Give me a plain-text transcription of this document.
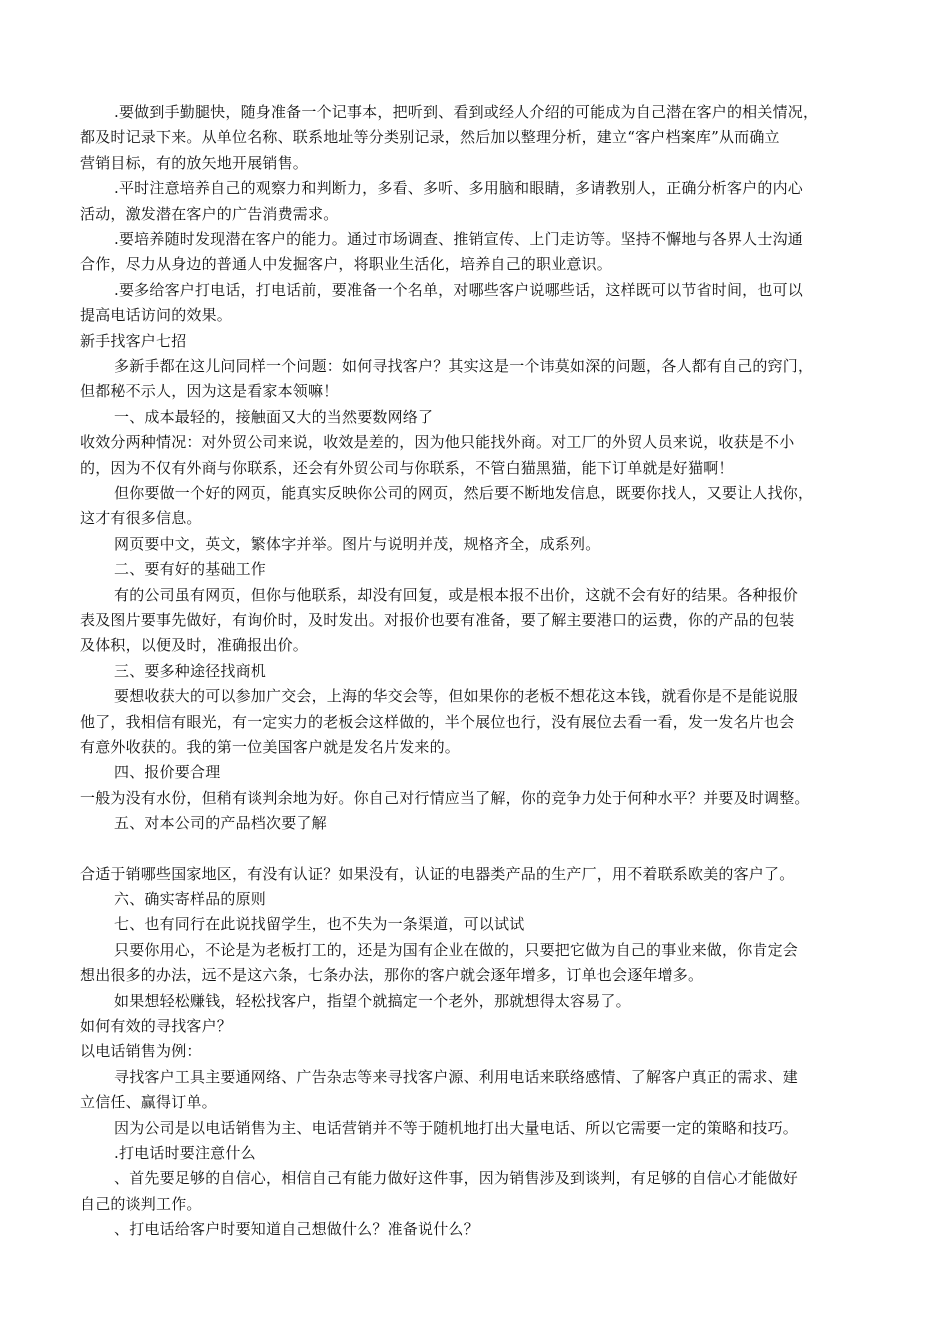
.要做到手勤腿快，随身准备一个记事本，把听到、看到或经人介绍的可能成为自己潜在客户的相关情况，
都及时记录下来。从单位名称、联系地址等分类别记录，然后加以整理分析，建立“客户档案库”从而确立
营销目标，有的放矢地开展销售。
.平时注意培养自己的观察力和判断力，多看、多听、多用脑和眼睛，多请教别人，正确分析客户的内心
活动，激发潜在客户的广告消费需求。
.要培养随时发现潜在客户的能力。通过市场调查、推销宣传、上门走访等。坚持不懈地与各界人士沟通
合作，尽力从身边的普通人中发掘客户，将职业生活化，培养自己的职业意识。
.要多给客户打电话，打电话前，要准备一个名单，对哪些客户说哪些话，这样既可以节省时间，也可以
提高电话访问的效果。
新手找客户七招
多新手都在这儿问同样一个问题：如何寻找客户？其实这是一个讳莫如深的问题，各人都有自己的窍门，
但都秘不示人，因为这是看家本领嘛！
一、成本最轻的，接触面又大的当然要数网络了
收效分两种情况：对外贸公司来说，收效是差的，因为他只能找外商。对工厂的外贸人员来说，收获是不小
的，因为不仅有外商与你联系，还会有外贸公司与你联系，不管白猫黑猫，能下订单就是好猫啊！
但你要做一个好的网页，能真实反映你公司的网页，然后要不断地发信息，既要你找人，又要让人找你，
这才有很多信息。
网页要中文，英文，繁体字并举。图片与说明并茂，规格齐全，成系列。
二、要有好的基础工作
有的公司虽有网页，但你与他联系，却没有回复，或是根本报不出价，这就不会有好的结果。各种报价
表及图片要事先做好，有询价时，及时发出。对报价也要有准备，要了解主要港口的运费，你的产品的包装
及体积，以便及时，准确报出价。
三、要多种途径找商机
要想收获大的可以参加广交会，上海的华交会等，但如果你的老板不想花这本钱，就看你是不是能说服
他了，我相信有眼光，有一定实力的老板会这样做的，半个展位也行，没有展位去看一看，发一发名片也会
有意外收获的。我的第一位美国客户就是发名片发来的。
四、报价要合理
一般为没有水份，但稍有谈判余地为好。你自己对行情应当了解，你的竞争力处于何种水平？并要及时调整。
五、对本公司的产品档次要了解
合适于销哪些国家地区，有没有认证？如果没有，认证的电器类产品的生产厂，用不着联系欧美的客户了。
六、确实寄样品的原则
七、也有同行在此说找留学生，也不失为一条渠道，可以试试
只要你用心，不论是为老板打工的，还是为国有企业在做的，只要把它做为自己的事业来做，你肯定会
想出很多的办法，远不是这六条，七条办法，那你的客户就会逐年增多，订单也会逐年增多。
如果想轻松赚钱，轻松找客户，指望个就搞定一个老外，那就想得太容易了。
如何有效的寻找客户？
以电话销售为例：
寻找客户工具主要通网络、广告杂志等来寻找客户源、利用电话来联络感情、了解客户真正的需求、建
立信任、赢得订单。
因为公司是以电话销售为主、电话营销并不等于随机地打出大量电话、所以它需要一定的策略和技巧。
.打电话时要注意什么
、首先要足够的自信心，相信自己有能力做好这件事，因为销售涉及到谈判，有足够的自信心才能做好
自己的谈判工作。
、打电话给客户时要知道自己想做什么？准备说什么？
